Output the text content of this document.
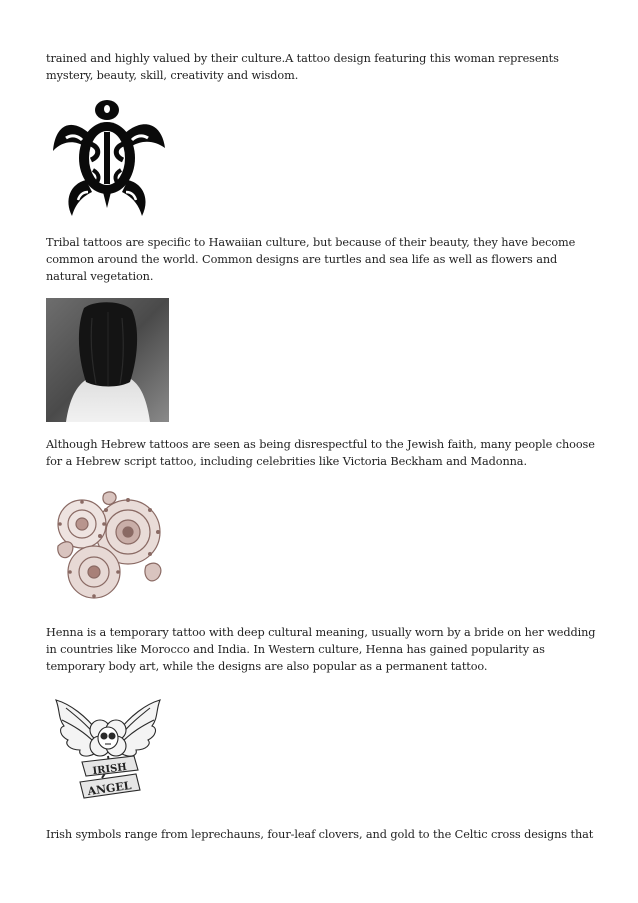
trained and highly valued by their culture.A tattoo design featuring this woman represents mystery, beauty, skill, creativity and wisdom.

Tribal tattoos are specific to Hawaiian culture, but because of their beauty, they have become common around the world. Common designs are turtles and sea life as well as flowers and natural vegetation.

Although Hebrew tattoos are seen as being disrespectful to the Jewish faith, many people choose for a Hebrew script tattoo, including celebrities like Victoria Beckham and Madonna.

Henna is a temporary tattoo with deep cultural meaning, usually worn by a bride on her wedding in countries like Morocco and India. In Western culture, Henna has gained popularity as temporary body art, while the designs are also popular as a permanent tattoo.

IRISH
ANGEL

Irish symbols range from leprechauns, four-leaf clovers, and gold to the Celtic cross designs that
